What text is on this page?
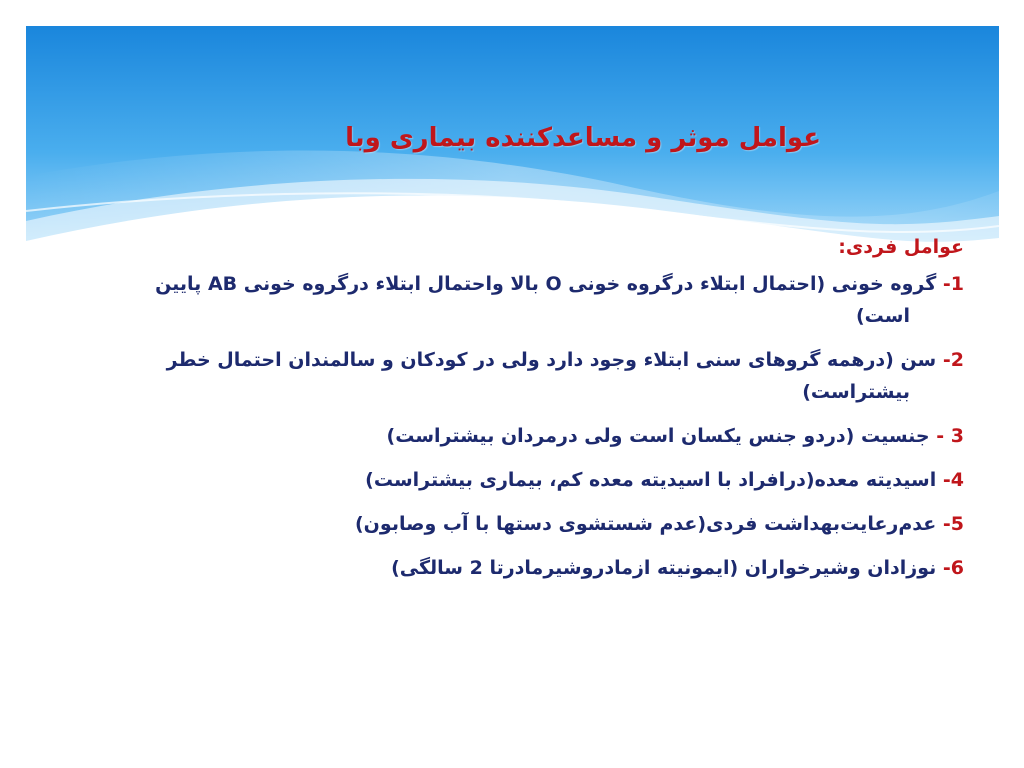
عوامل موثر و مساعدکننده بیماری وبا
عوامل فردی:
1- گروه خونی (احتمال ابتلاء درگروه خونی O بالا واحتمال ابتلاء درگروه خونی AB پایین
است)
2- سن (درهمه گروهای سنی ابتلاء وجود دارد ولی در کودکان و سالمندان احتمال خطر
بیشتراست)
3 - جنسیت (دردو جنس یکسان است ولی درمردان بیشتراست)
4- اسیدیته معده(درافراد با اسیدیته معده کم، بیماری بیشتراست)
5- عدم‌رعایت‌بهداشت فردی(عدم شستشوی دستها با آب وصابون)
6- نوزادان وشیرخواران (ایمونیته ازمادروشیرمادرتا 2 سالگی)
